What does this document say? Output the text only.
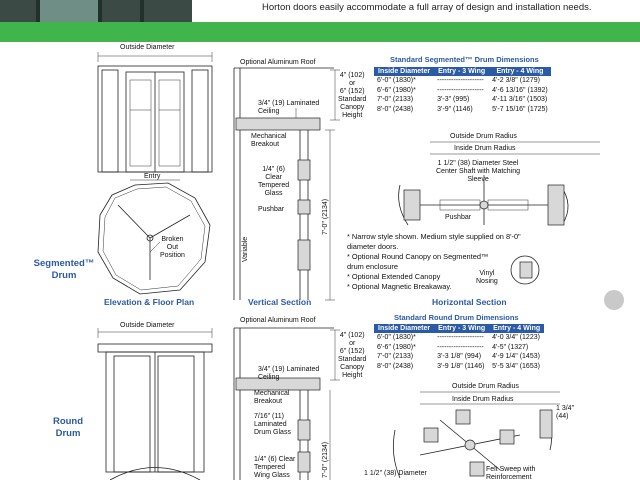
Horton doors easily accommodate a full array of design and installation needs.
Segmented™
Drum
Outside Diameter
Entry
Broken
Out
Position
Elevation & Floor Plan
Optional Aluminum Roof
4" (102)
or
6" (152)
Standard
Canopy
Height
3/4" (19) Laminated
Ceiling
Mechanical
Breakout
1/4" (6)
Clear
Tempered
Glass
Pushbar
Variable
7'-0" (2134)
Vertical Section
Standard Segmented™ Drum Dimensions
Inside Diameter	Entry - 3 Wing	Entry - 4 Wing
6'-0" (1830)*	--------------------	4'-2 3/8" (1279)
6'-6" (1980)*	--------------------	4'-6 13/16" (1392)
7'-0" (2133)	3'-3" (995)	4'-11 3/16" (1503)
8'-0" (2438)	3'-9" (1146)	5'-7 15/16" (1725)
Outside Drum Radius
Inside Drum Radius
1 1/2" (38) Diameter Steel
Center Shaft with Matching
Sleeve
Pushbar
Vinyl
Nosing
Horizontal Section
* Narrow style shown. Medium style supplied on 8'-0"
diameter doors.
* Optional Round Canopy on Segmented™
drum enclosure
* Optional Extended Canopy
* Optional Magnetic Breakaway.
Round
Drum
Outside Diameter
Optional Aluminum Roof
4" (102)
or
6" (152)
Standard
Canopy
Height
3/4" (19) Laminated
Ceiling
Mechanical
Breakout
7/16" (11)
Laminated
Drum Glass
1/4" (6) Clear
Tempered
Wing Glass	7'-0" (2134)
Standard Round Drum Dimensions
Inside Diameter	Entry - 3 Wing	Entry - 4 Wing
6'-0" (1830)*	--------------------	4'-0 3/4" (1223)
6'-6" (1980)*	--------------------	4'-5" (1327)
7'-0" (2133)	3'-3 1/8" (994)	4'-9 1/4" (1453)
8'-0" (2438)	3'-9 1/8" (1146)	5'-5 3/4" (1653)
Outside Drum Radius
Inside Drum Radius
1 3/4"
(44)
1 1/2" (38) Diameter
Felt Sweep with
Reinforcement
